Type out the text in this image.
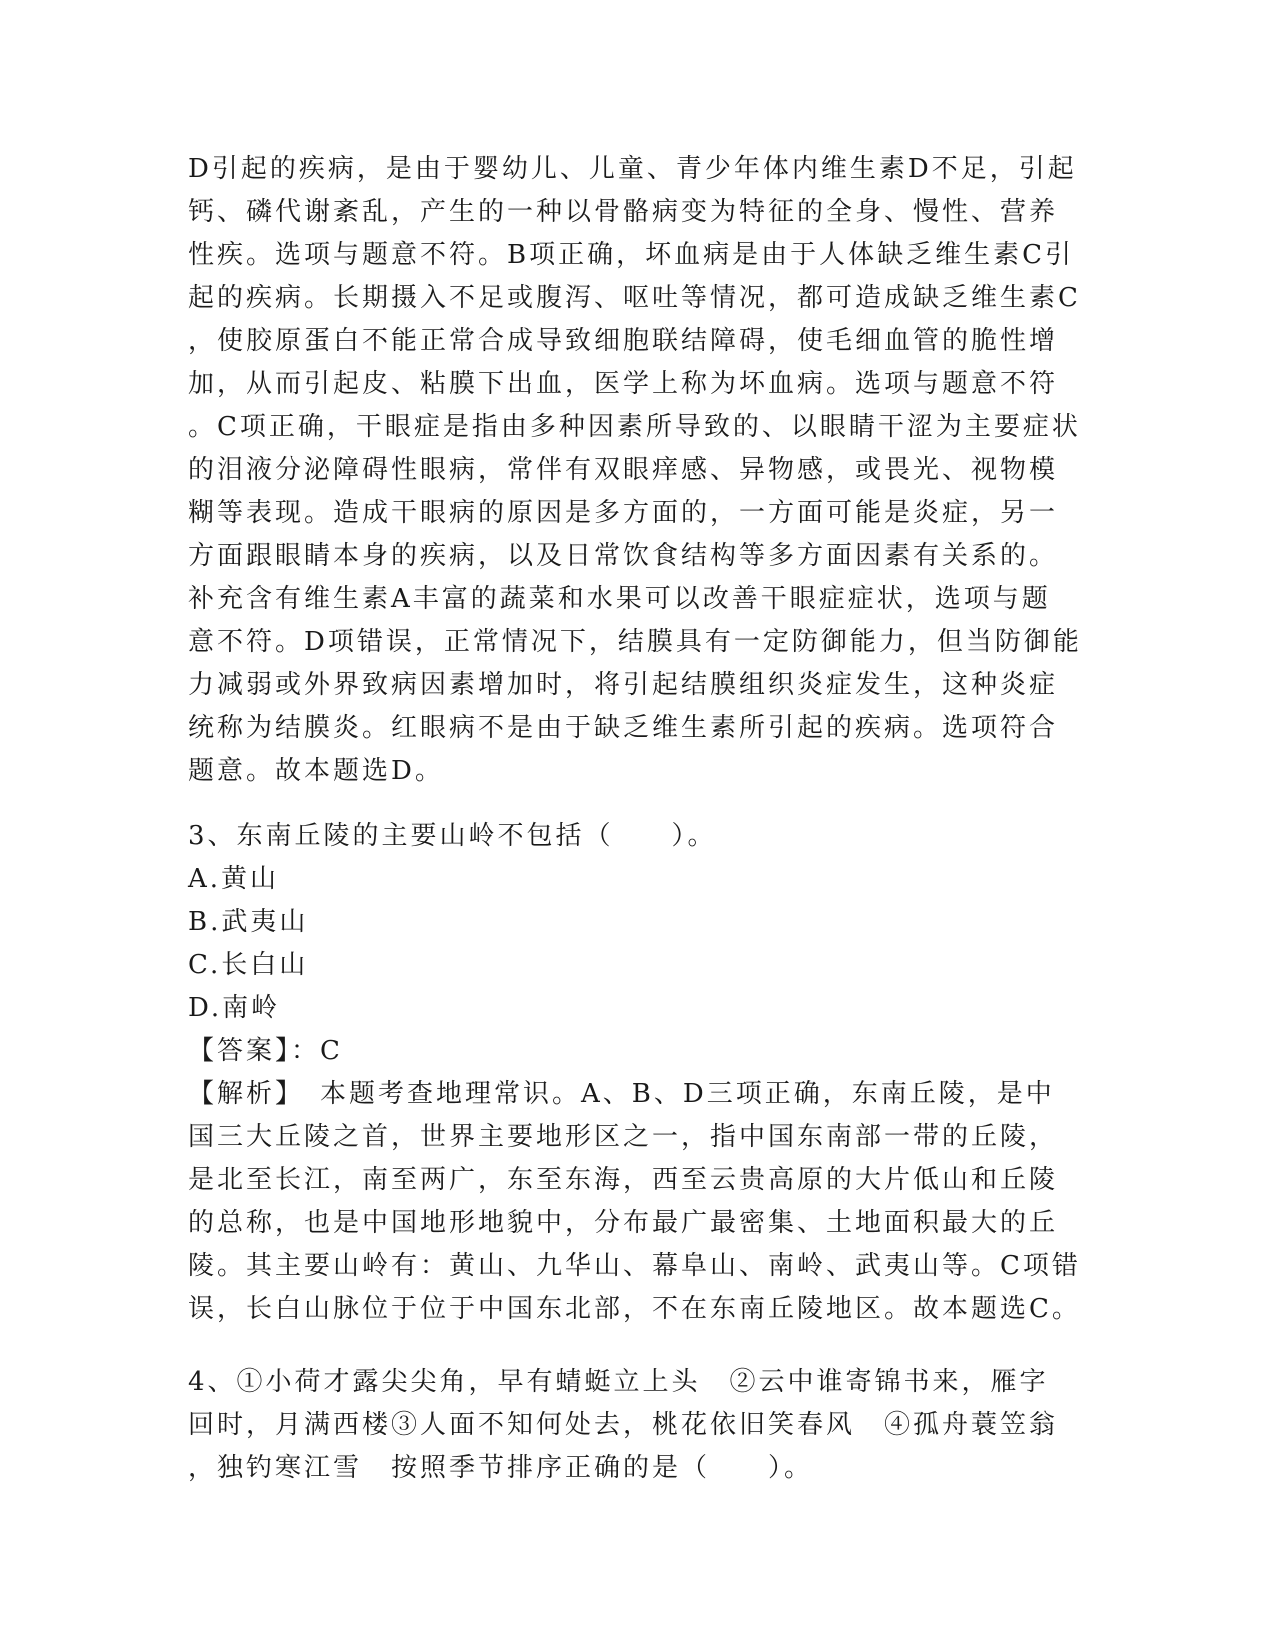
D引起的疾病，是由于婴幼儿、儿童、青少年体内维生素D不足，引起
钙、磷代谢紊乱，产生的一种以骨骼病变为特征的全身、慢性、营养
性疾。选项与题意不符。B项正确，坏血病是由于人体缺乏维生素C引
起的疾病。长期摄入不足或腹泻、呕吐等情况，都可造成缺乏维生素C
，使胶原蛋白不能正常合成导致细胞联结障碍，使毛细血管的脆性增
加，从而引起皮、粘膜下出血，医学上称为坏血病。选项与题意不符
。C项正确，干眼症是指由多种因素所导致的、以眼睛干涩为主要症状
的泪液分泌障碍性眼病，常伴有双眼痒感、异物感，或畏光、视物模
糊等表现。造成干眼病的原因是多方面的，一方面可能是炎症，另一
方面跟眼睛本身的疾病，以及日常饮食结构等多方面因素有关系的。
补充含有维生素A丰富的蔬菜和水果可以改善干眼症症状，选项与题
意不符。D项错误，正常情况下，结膜具有一定防御能力，但当防御能
力减弱或外界致病因素增加时，将引起结膜组织炎症发生，这种炎症
统称为结膜炎。红眼病不是由于缺乏维生素所引起的疾病。选项符合
题意。故本题选D。
3、东南丘陵的主要山岭不包括（　　）。
A.黄山
B.武夷山
C.长白山
D.南岭
【答案】：C
【解析】　本题考查地理常识。A、B、D三项正确，东南丘陵，是中
国三大丘陵之首，世界主要地形区之一，指中国东南部一带的丘陵，
是北至长江，南至两广，东至东海，西至云贵高原的大片低山和丘陵
的总称，也是中国地形地貌中，分布最广最密集、土地面积最大的丘
陵。其主要山岭有：黄山、九华山、幕阜山、南岭、武夷山等。C项错
误，长白山脉位于位于中国东北部，不在东南丘陵地区。故本题选C。
4、①小荷才露尖尖角，早有蜻蜓立上头　②云中谁寄锦书来，雁字
回时，月满西楼③人面不知何处去，桃花依旧笑春风　④孤舟蓑笠翁
，独钓寒江雪　按照季节排序正确的是（　　）。
